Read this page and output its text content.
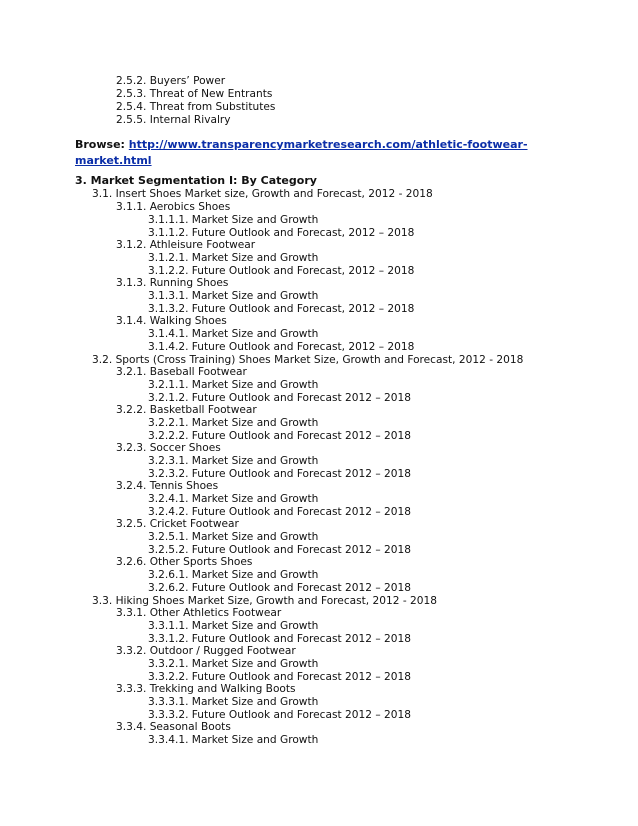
2.5.2. Buyers’ Power
2.5.3. Threat of New Entrants
2.5.4. Threat from Substitutes
2.5.5. Internal Rivalry
Browse: http://www.transparencymarketresearch.com/athletic-footwear-market.html
3. Market Segmentation I: By Category
3.1. Insert Shoes Market size, Growth and Forecast, 2012 - 2018
3.1.1. Aerobics Shoes
3.1.1.1. Market Size and Growth
3.1.1.2. Future Outlook and Forecast, 2012 – 2018
3.1.2. Athleisure Footwear
3.1.2.1. Market Size and Growth
3.1.2.2. Future Outlook and Forecast, 2012 – 2018
3.1.3. Running Shoes
3.1.3.1. Market Size and Growth
3.1.3.2. Future Outlook and Forecast, 2012 – 2018
3.1.4. Walking Shoes
3.1.4.1. Market Size and Growth
3.1.4.2. Future Outlook and Forecast, 2012 – 2018
3.2. Sports (Cross Training) Shoes Market Size, Growth and Forecast, 2012 - 2018
3.2.1. Baseball Footwear
3.2.1.1. Market Size and Growth
3.2.1.2. Future Outlook and Forecast 2012 – 2018
3.2.2. Basketball Footwear
3.2.2.1. Market Size and Growth
3.2.2.2. Future Outlook and Forecast 2012 – 2018
3.2.3. Soccer Shoes
3.2.3.1. Market Size and Growth
3.2.3.2. Future Outlook and Forecast 2012 – 2018
3.2.4. Tennis Shoes
3.2.4.1. Market Size and Growth
3.2.4.2. Future Outlook and Forecast 2012 – 2018
3.2.5. Cricket Footwear
3.2.5.1. Market Size and Growth
3.2.5.2. Future Outlook and Forecast 2012 – 2018
3.2.6. Other Sports Shoes
3.2.6.1. Market Size and Growth
3.2.6.2. Future Outlook and Forecast 2012 – 2018
3.3. Hiking Shoes Market Size, Growth and Forecast, 2012 - 2018
3.3.1. Other Athletics Footwear
3.3.1.1. Market Size and Growth
3.3.1.2. Future Outlook and Forecast 2012 – 2018
3.3.2. Outdoor / Rugged Footwear
3.3.2.1. Market Size and Growth
3.3.2.2. Future Outlook and Forecast 2012 – 2018
3.3.3. Trekking and Walking Boots
3.3.3.1. Market Size and Growth
3.3.3.2. Future Outlook and Forecast 2012 – 2018
3.3.4. Seasonal Boots
3.3.4.1. Market Size and Growth
